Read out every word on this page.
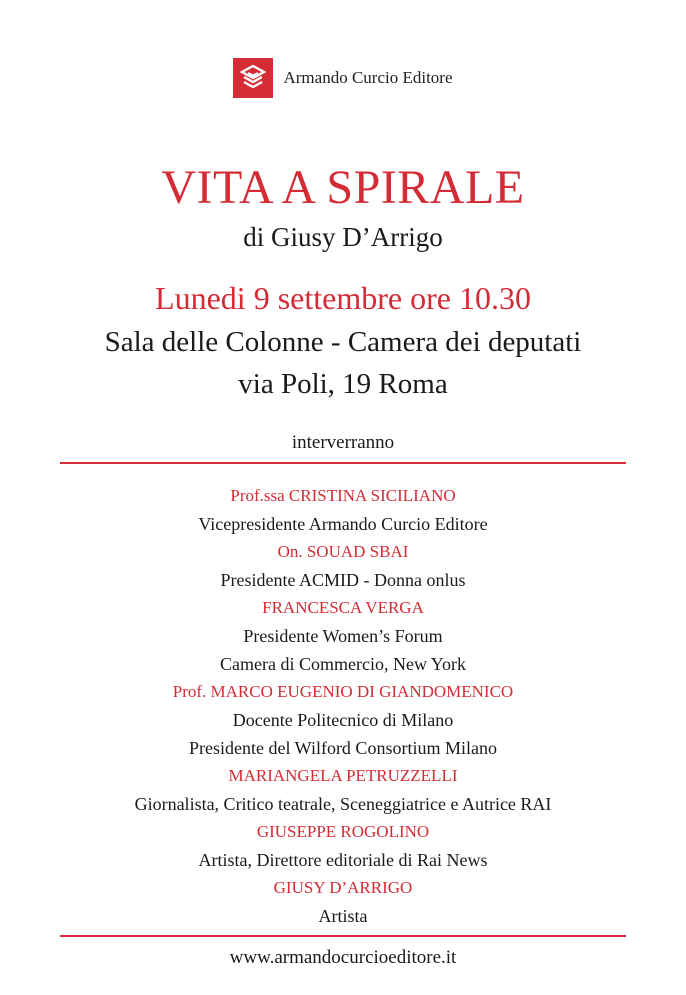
Armando Curcio Editore
VITA A SPIRALE
di Giusy D’Arrigo
Lunedi 9 settembre ore 10.30
Sala delle Colonne - Camera dei deputati
via Poli, 19 Roma
interverranno
Prof.ssa CRISTINA SICILIANO
Vicepresidente Armando Curcio Editore
On. SOUAD SBAI
Presidente ACMID - Donna onlus
FRANCESCA VERGA
Presidente Women’s Forum
Camera di Commercio, New York
Prof. MARCO EUGENIO DI GIANDOMENICO
Docente Politecnico di Milano
Presidente del Wilford Consortium Milano
MARIANGELA PETRUZZELLI
Giornalista, Critico teatrale, Sceneggiatrice e Autrice RAI
GIUSEPPE ROGOLINO
Artista, Direttore editoriale di Rai News
GIUSY D’ARRIGO
Artista
www.armandocurcioeditore.it
